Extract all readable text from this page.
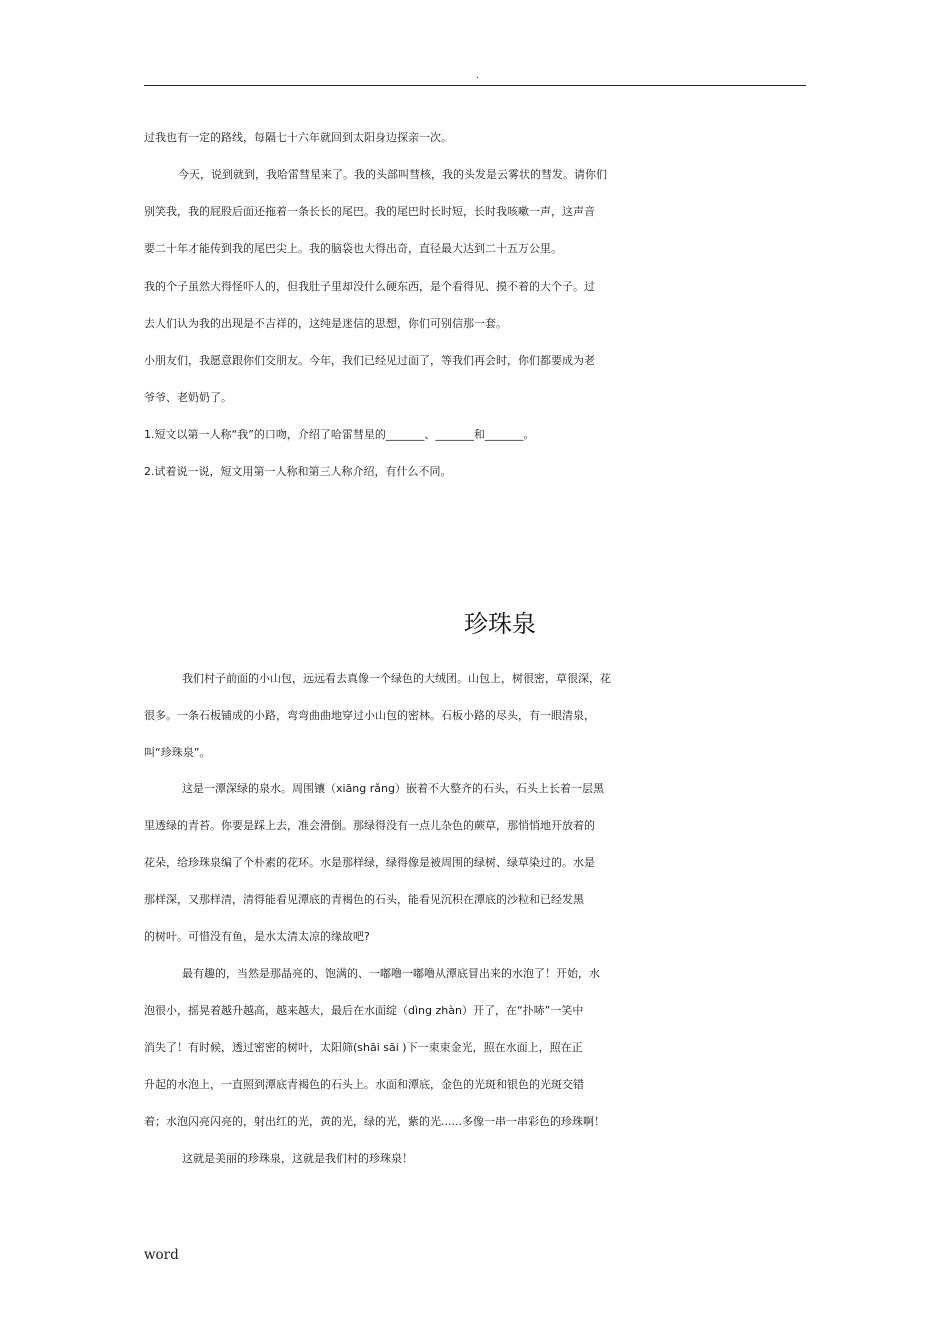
.
过我也有一定的路线，每隔七十六年就回到太阳身边探亲一次。
今天，说到就到，我哈雷彗星来了。我的头部叫彗核，我的头发是云雾状的彗发。请你们
别笑我，我的屁股后面还拖着一条长长的尾巴。我的尾巴时长时短，长时我咳嗽一声，这声音
要二十年才能传到我的尾巴尖上。我的脑袋也大得出奇，直径最大达到二十五万公里。
我的个子虽然大得怪吓人的，但我肚子里却没什么硬东西，是个看得见、摸不着的大个子。过
去人们认为我的出现是不吉祥的，这纯是迷信的思想，你们可别信那一套。
小朋友们，我愿意跟你们交朋友。今年，我们已经见过面了，等我们再会时，你们都要成为老
爷爷、老奶奶了。
1.短文以第一人称“我”的口吻，介绍了哈雷彗星的_______、_______和_______。
2.试着说一说，短文用第一人称和第三人称介绍，有什么不同。
珍珠泉
我们村子前面的小山包，远远看去真像一个绿色的大绒团。山包上，树很密，草很深，花
很多。一条石板铺成的小路，弯弯曲曲地穿过小山包的密林。石板小路的尽头，有一眼清泉，
叫“珍珠泉”。
这是一潭深绿的泉水。周围镶（xiāng rǎng）嵌着不大整齐的石头，石头上长着一层黑
里透绿的青苔。你要是踩上去，准会滑倒。那绿得没有一点儿杂色的蕨草，那悄悄地开放着的
花朵，给珍珠泉编了个朴素的花环。水是那样绿，绿得像是被周围的绿树、绿草染过的。水是
那样深，又那样清，清得能看见潭底的青褐色的石头，能看见沉积在潭底的沙粒和已经发黑
的树叶。可惜没有鱼，是水太清太凉的缘故吧?
最有趣的，当然是那晶亮的、饱满的、一嘟噜一嘟噜从潭底冒出来的水泡了！开始，水
泡很小，摇晃着越升越高，越来越大，最后在水面绽（dìng zhàn）开了，在“扑哧”一笑中
消失了！有时候，透过密密的树叶，太阳筛(shāi sāi )下一束束金光，照在水面上，照在正
升起的水泡上，一直照到潭底青褐色的石头上。水面和潭底，金色的光斑和银色的光斑交错
着；水泡闪亮闪亮的，射出红的光，黄的光，绿的光，紫的光......多像一串一串彩色的珍珠啊！
这就是美丽的珍珠泉，这就是我们村的珍珠泉！
word
